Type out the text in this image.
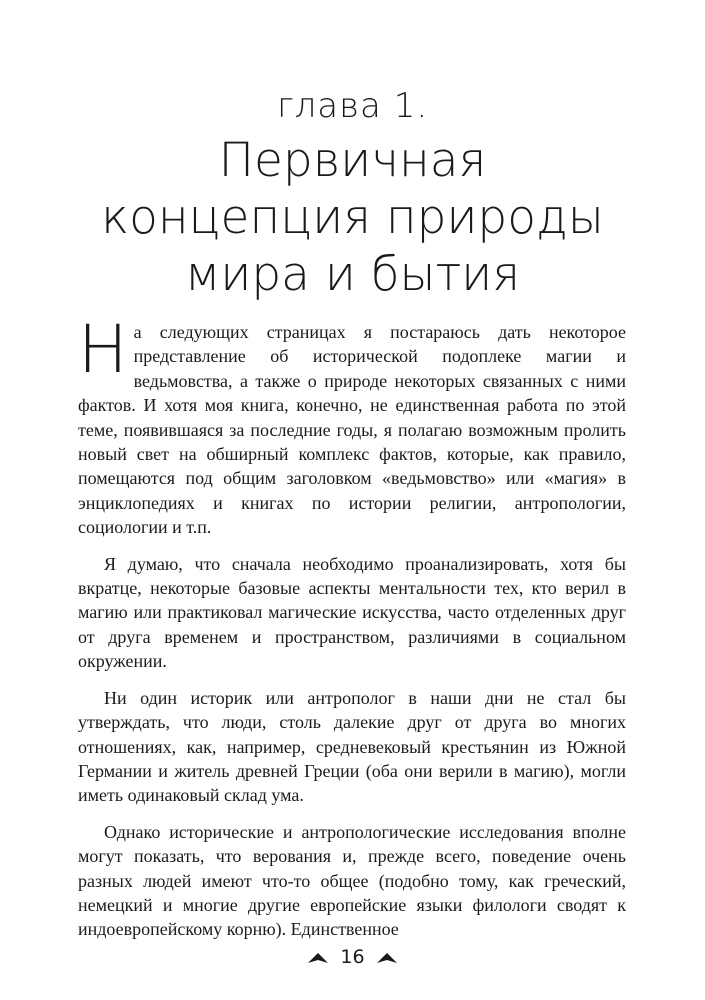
глава 1.
Первичная
концепция природы
мира и бытия

На следующих страницах я постараюсь дать некоторое представление об исторической подоплеке магии и ведьмовства, а также о природе некоторых связанных с ними фактов. И хотя моя книга, конечно, не единственная работа по этой теме, появившаяся за последние годы, я полагаю возможным пролить новый свет на обширный комплекс фактов, которые, как правило, помещаются под общим заголовком «ведьмовство» или «магия» в энциклопедиях и книгах по истории религии, антропологии, социологии и т.п.

Я думаю, что сначала необходимо проанализировать, хотя бы вкратце, некоторые базовые аспекты ментальности тех, кто верил в магию или практиковал магические искусства, часто отделенных друг от друга временем и пространством, различиями в социальном окружении.

Ни один историк или антрополог в наши дни не стал бы утверждать, что люди, столь далекие друг от друга во многих отношениях, как, например, средневековый крестьянин из Южной Германии и житель древней Греции (оба они верили в магию), могли иметь одинаковый склад ума.

Однако исторические и антропологические исследования вполне могут показать, что верования и, прежде всего, поведение очень разных людей имеют что-то общее (подобно тому, как греческий, немецкий и многие другие европейские языки филологи сводят к индоевропейскому корню). Единственное

16
